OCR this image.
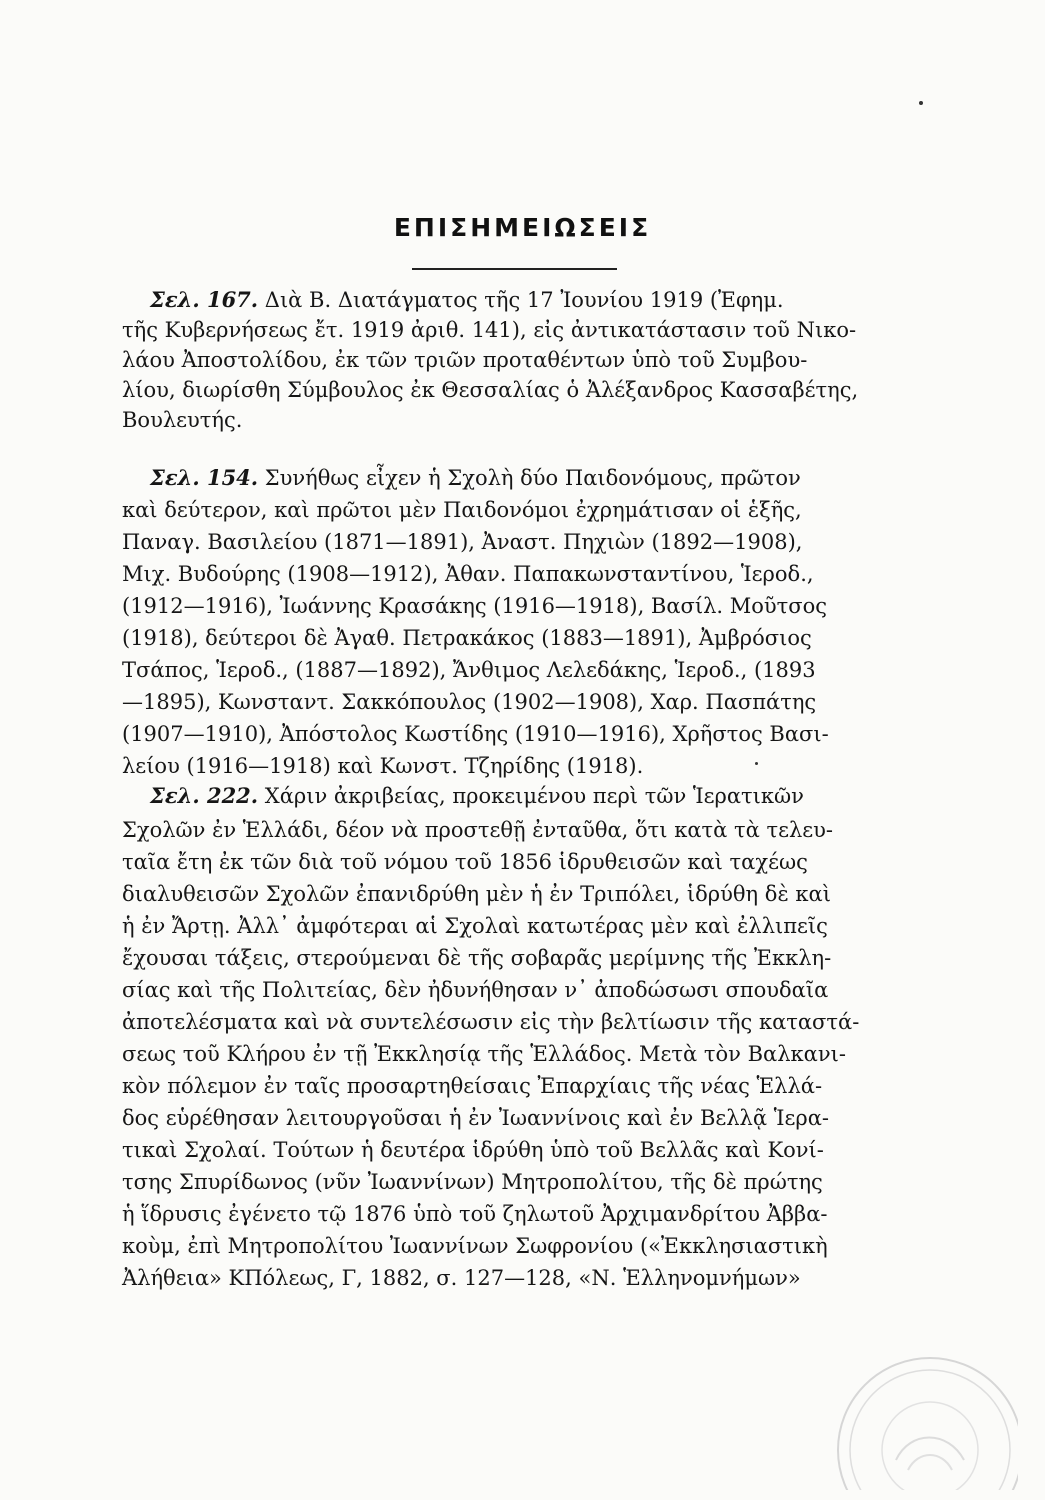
ΕΠΙΣΗΜΕΙΩΣΕΙΣ
Σελ. 167. Διὰ Β. Διατάγματος τῆς 17 Ἰουνίου 1919 (Ἐφημ.
τῆς Κυβερνήσεως ἔτ. 1919 ἀριθ. 141), εἰς ἀντικατάστασιν τοῦ Νικο-
λάου Ἀποστολίδου, ἐκ τῶν τριῶν προταθέντων ὑπὸ τοῦ Συμβου-
λίου, διωρίσθη Σύμβουλος ἐκ Θεσσαλίας ὁ Ἀλέξανδρος Κασσαβέτης,
Βουλευτής.
Σελ. 154. Συνήθως εἶχεν ἡ Σχολὴ δύο Παιδονόμους, πρῶτον
καὶ δεύτερον, καὶ πρῶτοι μὲν Παιδονόμοι ἐχρημάτισαν οἱ ἑξῆς,
Παναγ. Βασιλείου (1871—1891), Ἀναστ. Πηχιὼν (1892—1908),
Μιχ. Βυδούρης (1908—1912), Ἀθαν. Παπακωνσταντίνου, Ἱεροδ.,
(1912—1916), Ἰωάννης Κρασάκης (1916—1918), Βασίλ. Μοῦτσος
(1918), δεύτεροι δὲ Ἀγαθ. Πετρακάκος (1883—1891), Ἀμβρόσιος
Τσάπος, Ἱεροδ., (1887—1892), Ἄνθιμος Λελεδάκης, Ἱεροδ., (1893
—1895), Κωνσταντ. Σακκόπουλος (1902—1908), Χαρ. Πασπάτης
(1907—1910), Ἀπόστολος Κωστίδης (1910—1916), Χρῆστος Βασι-
λείου (1916—1918) καὶ Κωνστ. Τζηρίδης (1918).
Σελ. 222. Χάριν ἀκριβείας, προκειμένου περὶ τῶν Ἱερατικῶν
Σχολῶν ἐν Ἑλλάδι, δέον νὰ προστεθῇ ἐνταῦθα, ὅτι κατὰ τὰ τελευ-
ταῖα ἔτη ἐκ τῶν διὰ τοῦ νόμου τοῦ 1856 ἱδρυθεισῶν καὶ ταχέως
διαλυθεισῶν Σχολῶν ἐπανιδρύθη μὲν ἡ ἐν Τριπόλει, ἱδρύθη δὲ καὶ
ἡ ἐν Ἄρτῃ. Ἀλλ᾽ ἀμφότεραι αἱ Σχολαὶ κατωτέρας μὲν καὶ ἐλλιπεῖς
ἔχουσαι τάξεις, στερούμεναι δὲ τῆς σοβαρᾶς μερίμνης τῆς Ἐκκλη-
σίας καὶ τῆς Πολιτείας, δὲν ἠδυνήθησαν ν᾽ ἀποδώσωσι σπουδαῖα
ἀποτελέσματα καὶ νὰ συντελέσωσιν εἰς τὴν βελτίωσιν τῆς καταστά-
σεως τοῦ Κλήρου ἐν τῇ Ἐκκλησίᾳ τῆς Ἑλλάδος. Μετὰ τὸν Βαλκανι-
κὸν πόλεμον ἐν ταῖς προσαρτηθείσαις Ἐπαρχίαις τῆς νέας Ἑλλά-
δος εὑρέθησαν λειτουργοῦσαι ἡ ἐν Ἰωαννίνοις καὶ ἐν Βελλᾷ Ἱερα-
τικαὶ Σχολαί. Τούτων ἡ δευτέρα ἱδρύθη ὑπὸ τοῦ Βελλᾶς καὶ Κονί-
τσης Σπυρίδωνος (νῦν Ἰωαννίνων) Μητροπολίτου, τῆς δὲ πρώτης
ἡ ἵδρυσις ἐγένετο τῷ 1876 ὑπὸ τοῦ ζηλωτοῦ Ἀρχιμανδρίτου Ἀββα-
κοὺμ, ἐπὶ Μητροπολίτου Ἰωαννίνων Σωφρονίου («Ἐκκλησιαστικὴ
Ἀλήθεια» ΚΠόλεως, Γ, 1882, σ. 127—128, «Ν. Ἑλληνομνήμων»
